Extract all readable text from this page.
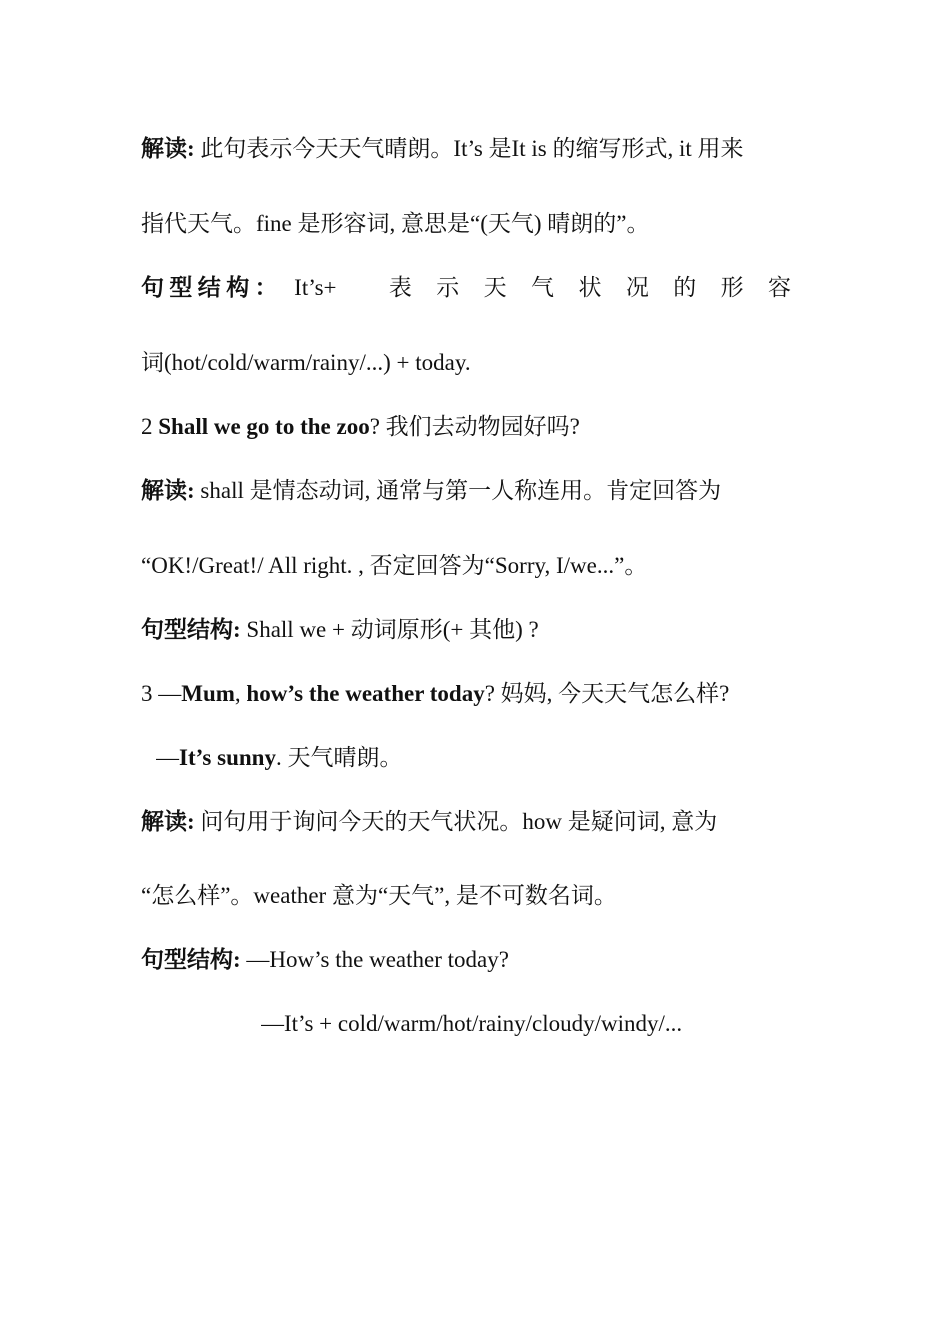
解读: 此句表示今天天气晴朗。It’s 是It is 的缩写形式, it 用来
指代天气。fine 是形容词, 意思是“(天气) 晴朗的”。
句型结构： It’s+ 表示天气状况的形容
词(hot/cold/warm/rainy/...) + today.
2 Shall we go to the zoo? 我们去动物园好吗?
解读: shall 是情态动词, 通常与第一人称连用。肯定回答为
“OK!/Great!/ All right. , 否定回答为“Sorry, I/we...”。
句型结构: Shall we + 动词原形(+ 其他) ?
3 —Mum, how’s the weather today? 妈妈, 今天天气怎么样?
—It’s sunny. 天气晴朗。
解读: 问句用于询问今天的天气状况。how 是疑问词, 意为
“怎么样”。weather 意为“天气”, 是不可数名词。
句型结构: —How’s the weather today?
—It’s + cold/warm/hot/rainy/cloudy/windy/...
